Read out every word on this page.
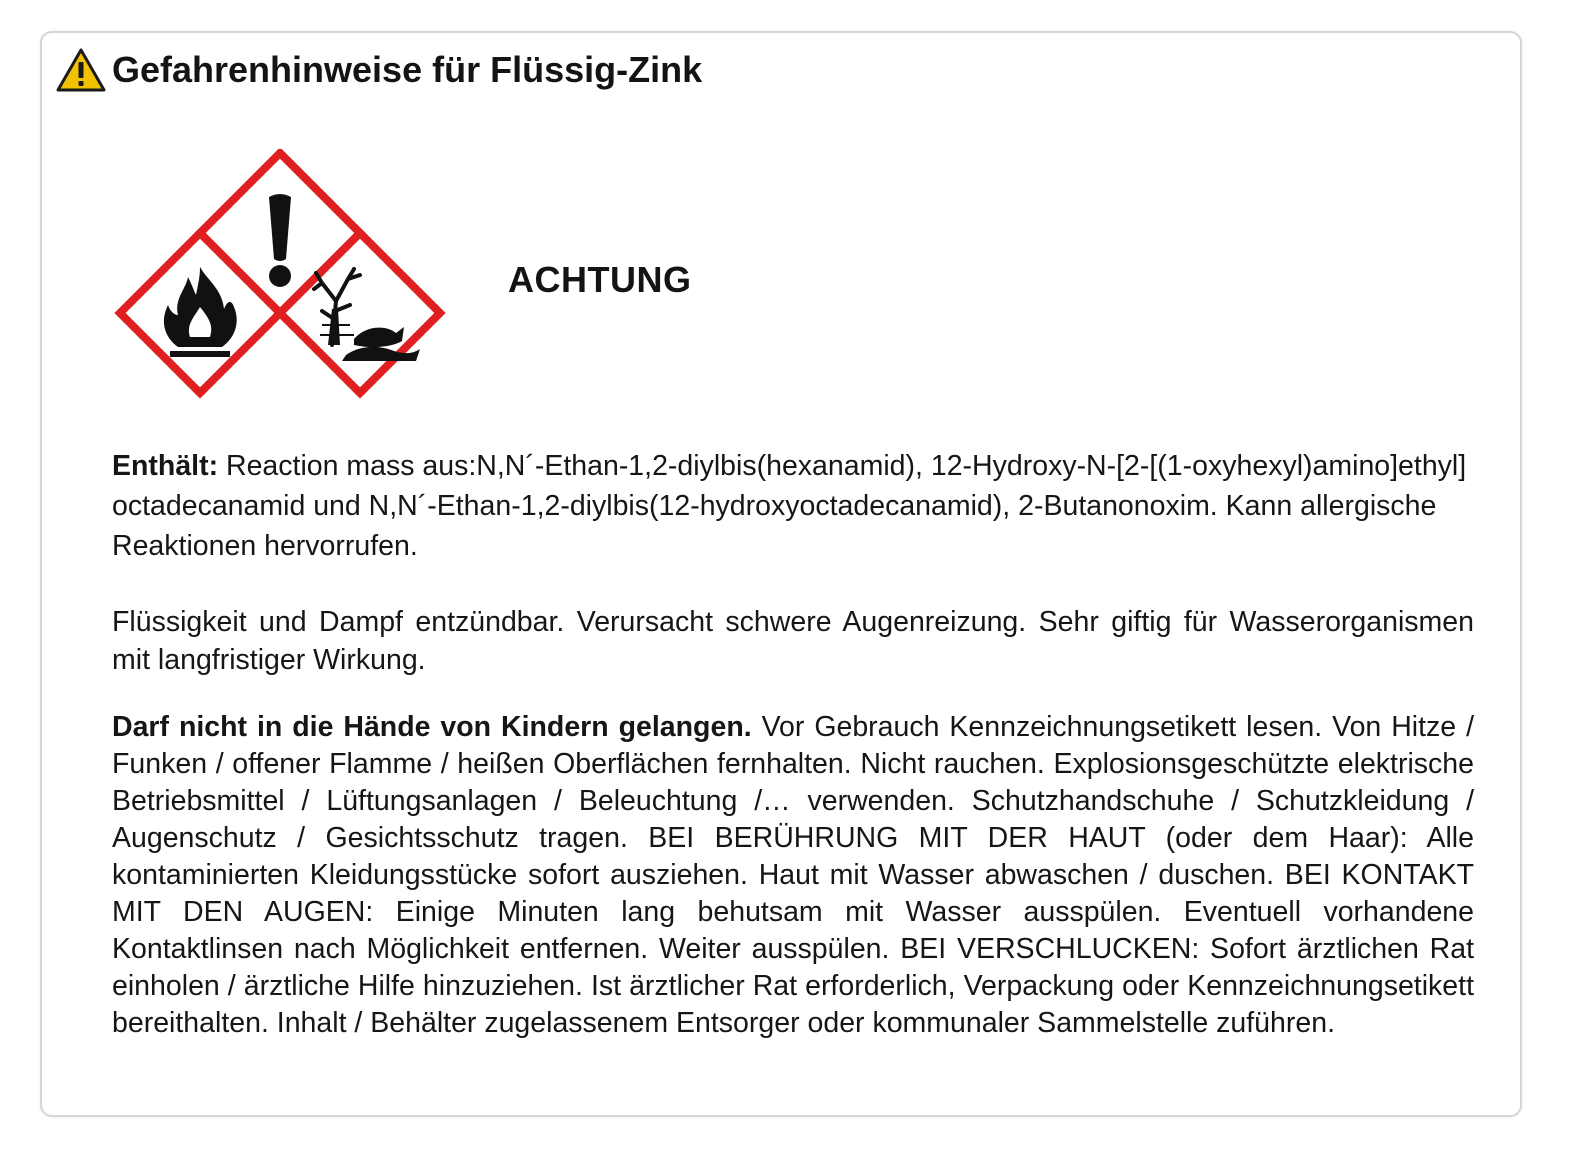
Gefahrenhinweise für Flüssig-Zink
ACHTUNG
Enthält: Reaction mass aus:N,N´-Ethan-1,2-diylbis(hexanamid), 12-Hydroxy-N-[2-[(1-oxyhexyl)amino]ethyl] octadecanamid und N,N´-Ethan-1,2-diylbis(12-hydroxyoctadecanamid), 2-Butanonoxim. Kann allergische Reaktionen hervorrufen.
Flüssigkeit und Dampf entzündbar. Verursacht schwere Augenreizung. Sehr giftig für Wasserorganismen mit langfristiger Wirkung.
Darf nicht in die Hände von Kindern gelangen. Vor Gebrauch Kennzeichnungsetikett lesen. Von Hitze / Funken / offener Flamme / heißen Oberflächen fernhalten. Nicht rauchen. Explosionsgeschützte elektrische Betriebsmittel / Lüftungsanlagen / Beleuchtung /… verwenden. Schutzhandschuhe / Schutzkleidung / Augenschutz / Gesichtsschutz tragen. BEI BERÜHRUNG MIT DER HAUT (oder dem Haar): Alle kontaminierten Kleidungsstücke sofort ausziehen. Haut mit Wasser abwaschen / duschen. BEI KONTAKT MIT DEN AUGEN: Einige Minuten lang behutsam mit Wasser ausspülen. Eventuell vorhandene Kontaktlinsen nach Möglichkeit entfernen. Weiter ausspülen. BEI VERSCHLUCKEN: Sofort ärztlichen Rat einholen / ärztliche Hilfe hinzuziehen. Ist ärztlicher Rat erforderlich, Verpackung oder Kennzeichnungsetikett bereithalten. Inhalt / Behälter zugelassenem Entsorger oder kommunaler Sammelstelle zuführen.
